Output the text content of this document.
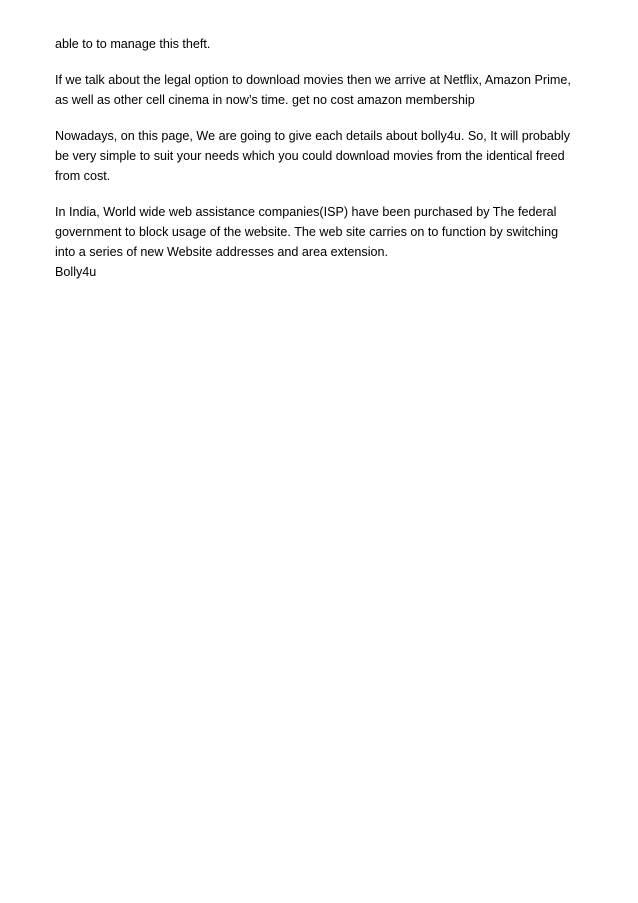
able to to manage this theft.

If we talk about the legal option to download movies then we arrive at Netflix, Amazon Prime,
as well as other cell cinema in now’s time. get no cost amazon membership

Nowadays, on this page, We are going to give each details about bolly4u. So, It will probably
be very simple to suit your needs which you could download movies from the identical freed
from cost.

In India, World wide web assistance companies(ISP) have been purchased by The federal
government to block usage of the website. The web site carries on to function by switching
into a series of new Website addresses and area extension.

Bolly4u
